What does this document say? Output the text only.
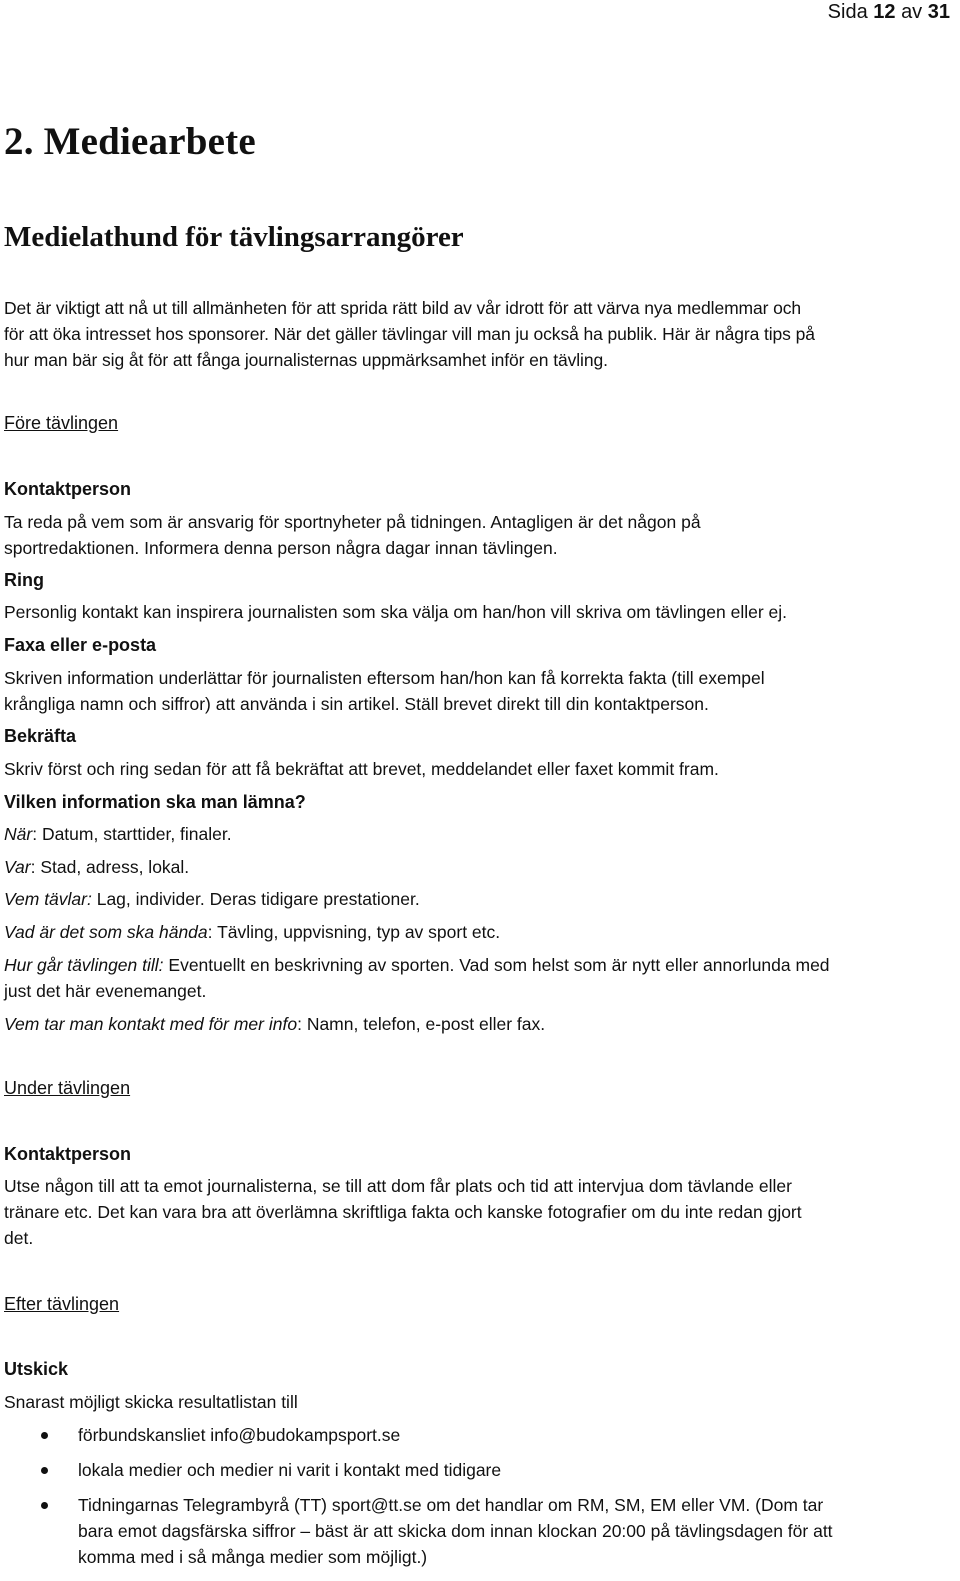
Sida 12 av 31
2. Mediearbete
Medielathund för tävlingsarrangörer
Det är viktigt att nå ut till allmänheten för att sprida rätt bild av vår idrott för att värva nya medlemmar och
för att öka intresset hos sponsorer. När det gäller tävlingar vill man ju också ha publik. Här är några tips på
hur man bär sig åt för att fånga journalisternas uppmärksamhet inför en tävling.
Före tävlingen
Kontaktperson
Ta reda på vem som är ansvarig för sportnyheter på tidningen. Antagligen är det någon på
sportredaktionen. Informera denna person några dagar innan tävlingen.
Ring
Personlig kontakt kan inspirera journalisten som ska välja om han/hon vill skriva om tävlingen eller ej.
Faxa eller e-posta
Skriven information underlättar för journalisten eftersom han/hon kan få korrekta fakta (till exempel
krångliga namn och siffror) att använda i sin artikel. Ställ brevet direkt till din kontaktperson.
Bekräfta
Skriv först och ring sedan för att få bekräftat att brevet, meddelandet eller faxet kommit fram.
Vilken information ska man lämna?
När: Datum, starttider, finaler.
Var: Stad, adress, lokal.
Vem tävlar: Lag, individer. Deras tidigare prestationer.
Vad är det som ska hända: Tävling, uppvisning, typ av sport etc.
Hur går tävlingen till: Eventuellt en beskrivning av sporten. Vad som helst som är nytt eller annorlunda med
just det här evenemanget.
Vem tar man kontakt med för mer info: Namn, telefon, e-post eller fax.
Under tävlingen
Kontaktperson
Utse någon till att ta emot journalisterna, se till att dom får plats och tid att intervjua dom tävlande eller
tränare etc. Det kan vara bra att överlämna skriftliga fakta och kanske fotografier om du inte redan gjort
det.
Efter tävlingen
Utskick
Snarast möjligt skicka resultatlistan till
förbundskansliet info@budokampsport.se
lokala medier och medier ni varit i kontakt med tidigare
Tidningarnas Telegrambyrå (TT) sport@tt.se om det handlar om RM, SM, EM eller VM. (Dom tar
bara emot dagsfärska siffror – bäst är att skicka dom innan klockan 20:00 på tävlingsdagen för att
komma med i så många medier som möjligt.)
